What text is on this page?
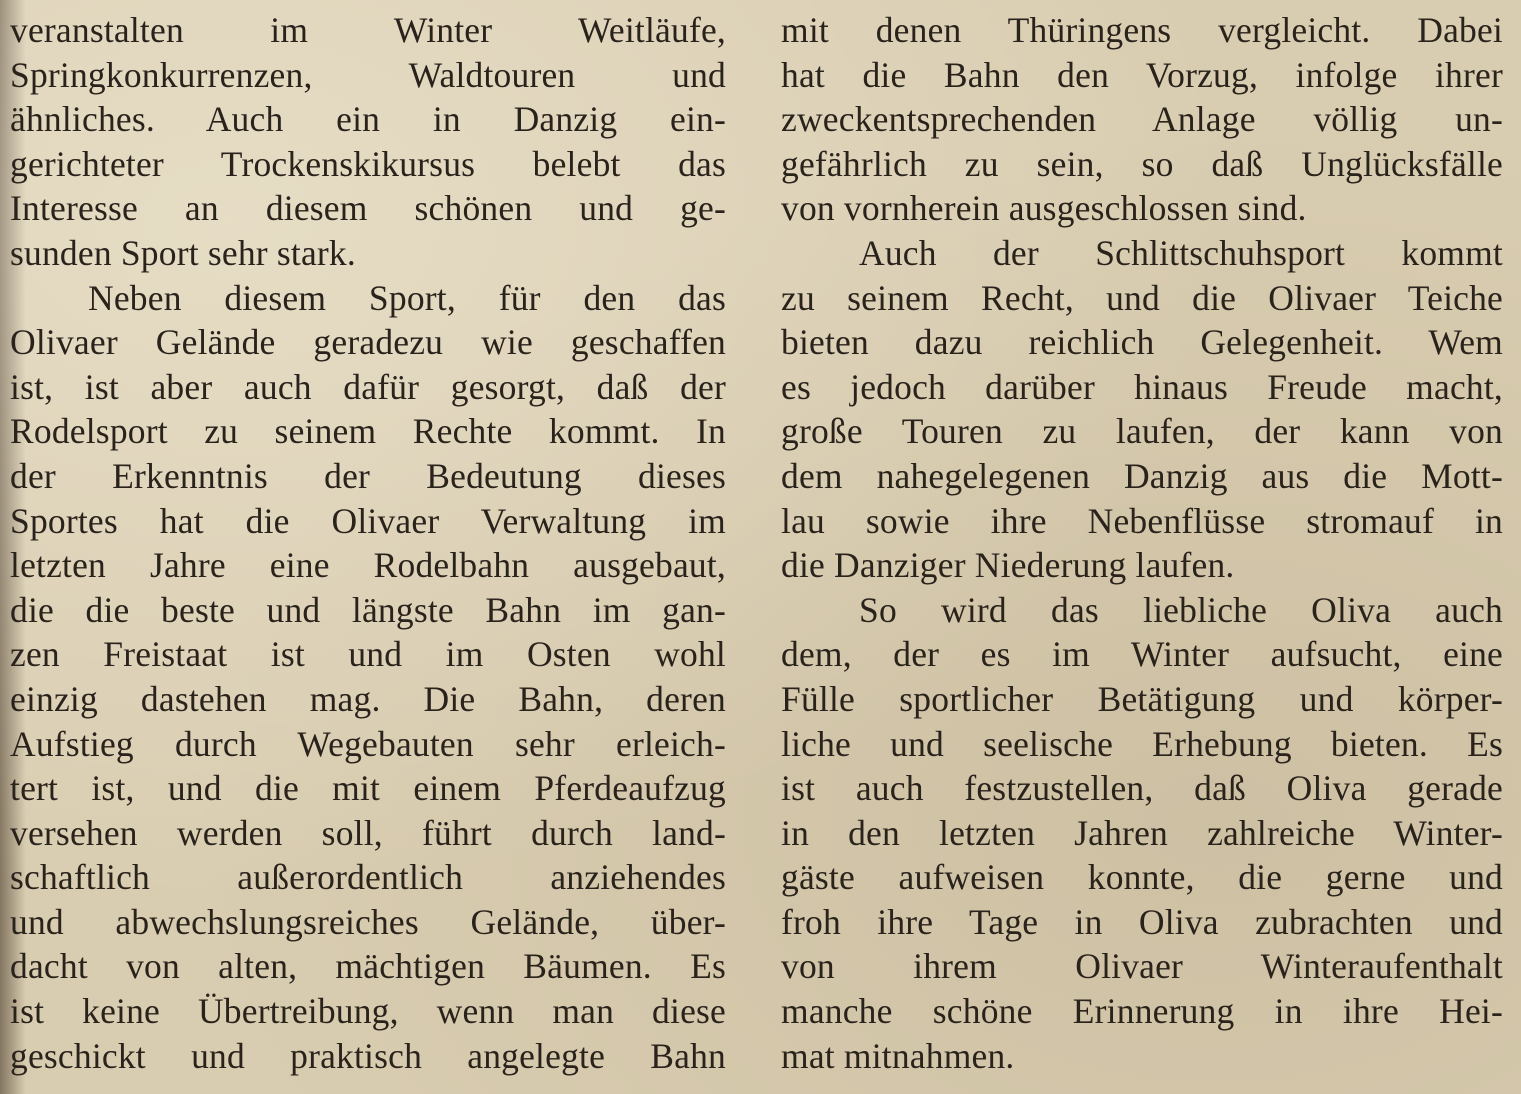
veranstalten im Winter Weitläufe,
Springkonkurrenzen, Waldtouren und
ähnliches. Auch ein in Danzig ein-
gerichteter Trockenskikursus belebt das
Interesse an diesem schönen und ge-
sunden Sport sehr stark.
Neben diesem Sport, für den das
Olivaer Gelände geradezu wie geschaffen
ist, ist aber auch dafür gesorgt, daß der
Rodelsport zu seinem Rechte kommt. In
der Erkenntnis der Bedeutung dieses
Sportes hat die Olivaer Verwaltung im
letzten Jahre eine Rodelbahn ausgebaut,
die die beste und längste Bahn im gan-
zen Freistaat ist und im Osten wohl
einzig dastehen mag. Die Bahn, deren
Aufstieg durch Wegebauten sehr erleich-
tert ist, und die mit einem Pferdeaufzug
versehen werden soll, führt durch land-
schaftlich außerordentlich anziehendes
und abwechslungsreiches Gelände, über-
dacht von alten, mächtigen Bäumen. Es
ist keine Übertreibung, wenn man diese
geschickt und praktisch angelegte Bahn
mit denen Thüringens vergleicht. Dabei
hat die Bahn den Vorzug, infolge ihrer
zweckentsprechenden Anlage völlig un-
gefährlich zu sein, so daß Unglücksfälle
von vornherein ausgeschlossen sind.
Auch der Schlittschuhsport kommt
zu seinem Recht, und die Olivaer Teiche
bieten dazu reichlich Gelegenheit. Wem
es jedoch darüber hinaus Freude macht,
große Touren zu laufen, der kann von
dem nahegelegenen Danzig aus die Mott-
lau sowie ihre Nebenflüsse stromauf in
die Danziger Niederung laufen.
So wird das liebliche Oliva auch
dem, der es im Winter aufsucht, eine
Fülle sportlicher Betätigung und körper-
liche und seelische Erhebung bieten. Es
ist auch festzustellen, daß Oliva gerade
in den letzten Jahren zahlreiche Winter-
gäste aufweisen konnte, die gerne und
froh ihre Tage in Oliva zubrachten und
von ihrem Olivaer Winteraufenthalt
manche schöne Erinnerung in ihre Hei-
mat mitnahmen.
